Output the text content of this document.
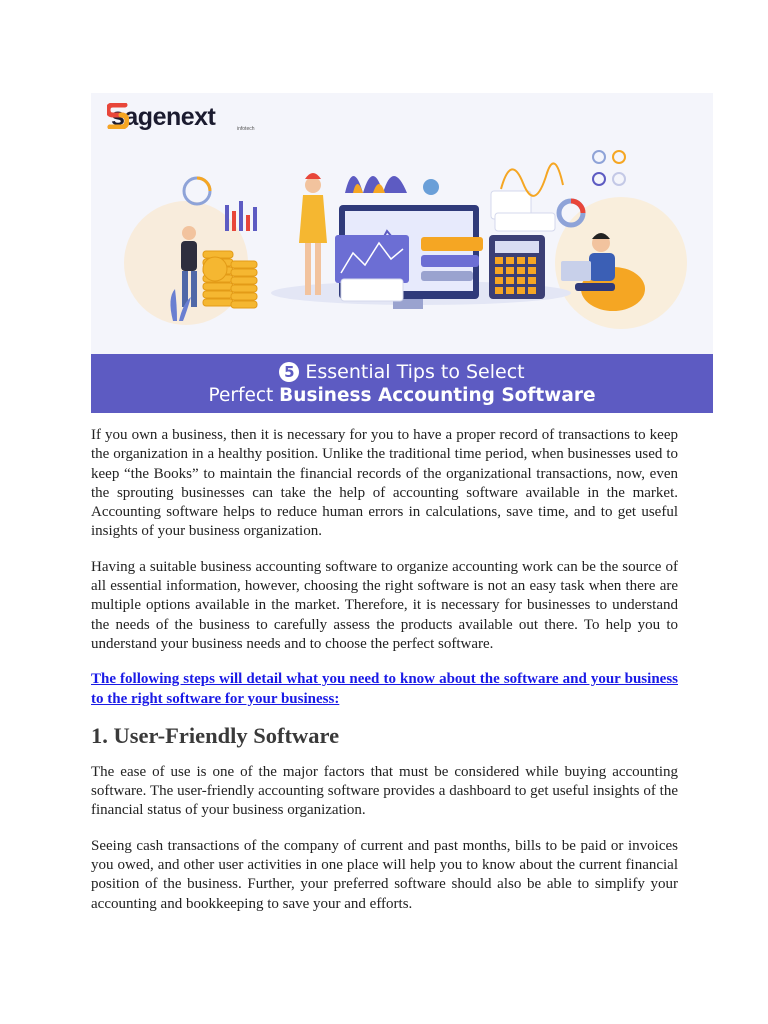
sagenext	infotech
5 Essential Tips to Select
Perfect Business Accounting Software

If you own a business, then it is necessary for you to have a proper record of transactions to keep the organization in a healthy position. Unlike the traditional time period, when businesses used to keep “the Books” to maintain the financial records of the organizational transactions, now, even the sprouting businesses can take the help of accounting software available in the market. Accounting software helps to reduce human errors in calculations, save time, and to get useful insights of your business organization.

Having a suitable business accounting software to organize accounting work can be the source of all essential information, however, choosing the right software is not an easy task when there are multiple options available in the market. Therefore, it is necessary for businesses to understand the needs of the business to carefully assess the products available out there. To help you to understand your business needs and to choose the perfect software.

The following steps will detail what you need to know about the software and your business to the right software for your business:

1. User-Friendly Software

The ease of use is one of the major factors that must be considered while buying accounting software. The user-friendly accounting software provides a dashboard to get useful insights of the financial status of your business organization.

Seeing cash transactions of the company of current and past months, bills to be paid or invoices you owed, and other user activities in one place will help you to know about the current financial position of the business. Further, your preferred software should also be able to simplify your accounting and bookkeeping to save your and efforts.
